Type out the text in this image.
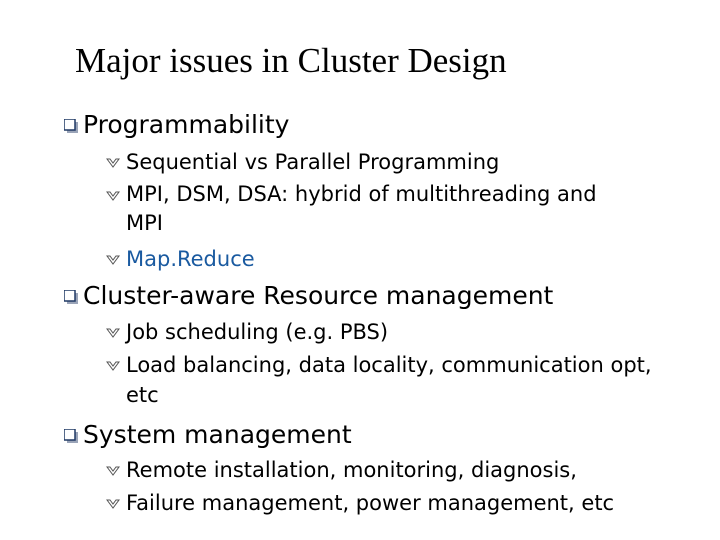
Major issues in Cluster Design
Programmability
Sequential vs Parallel Programming
MPI, DSM, DSA: hybrid of multithreading and
MPI
Map.Reduce
Cluster-aware Resource management
Job scheduling (e.g. PBS)
Load balancing, data locality, communication opt,
etc
System management
Remote installation, monitoring, diagnosis,
Failure management, power management, etc
